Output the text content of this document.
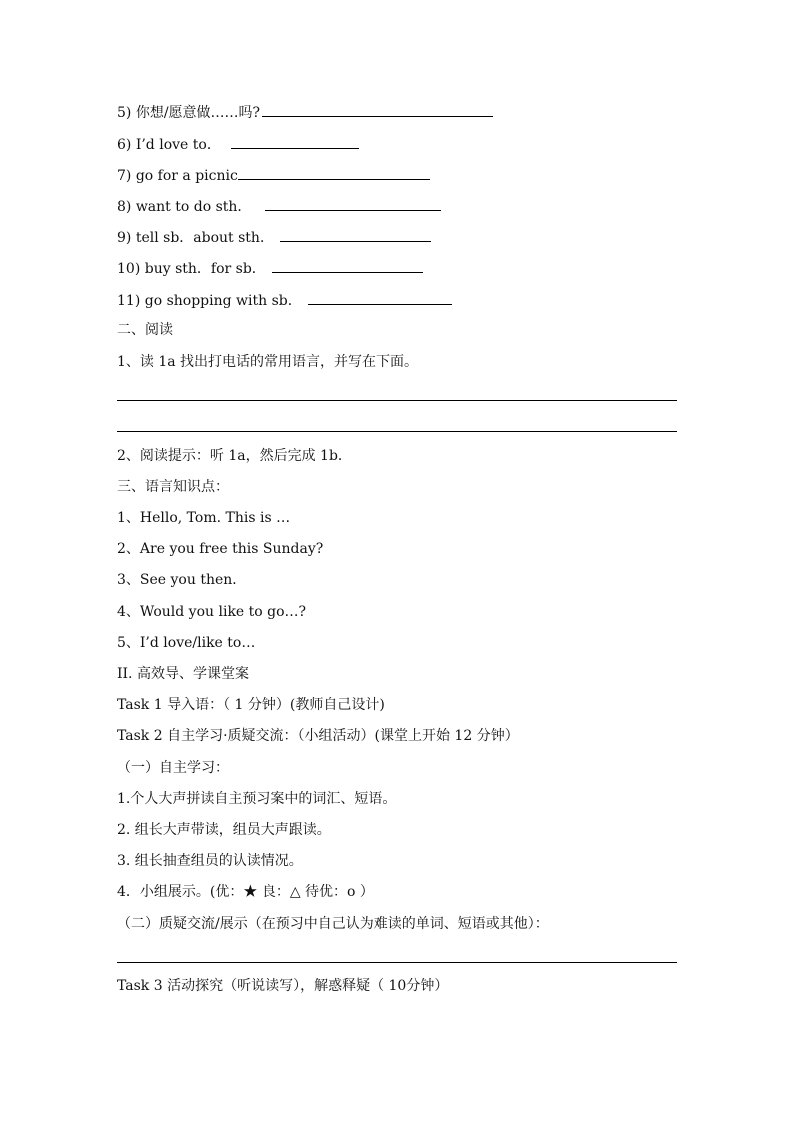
5) 你想/愿意做……吗?
6) I’d love to．
7) go for a picnic
8) want to do sth．
9) tell sb．about sth．
10) buy sth．for sb．
11) go shopping with sb．
二、阅读
1、读 1a 找出打电话的常用语言，并写在下面。
2、阅读提示：听 1a，然后完成 1b．
三、语言知识点：
1、Hello, Tom. This is …
2、Are you free this Sunday?
3、See you then．
4、Would you like to go…?
5、I’d love/like to…
II. 高效导、学课堂案
Task 1 导入语：（ 1 分钟）(教师自己设计)
Task 2 自主学习·质疑交流：（小组活动）(课堂上开始 12 分钟）
（一）自主学习：
1.个人大声拼读自主预习案中的词汇、短语。
2. 组长大声带读，组员大声跟读。
3. 组长抽查组员的认读情况。
4．小组展示。(优：★ 良：△ 待优：o ）
（二）质疑交流/展示（在预习中自己认为难读的单词、短语或其他）：
Task 3 活动探究（听说读写），解惑释疑（ 10分钟）
